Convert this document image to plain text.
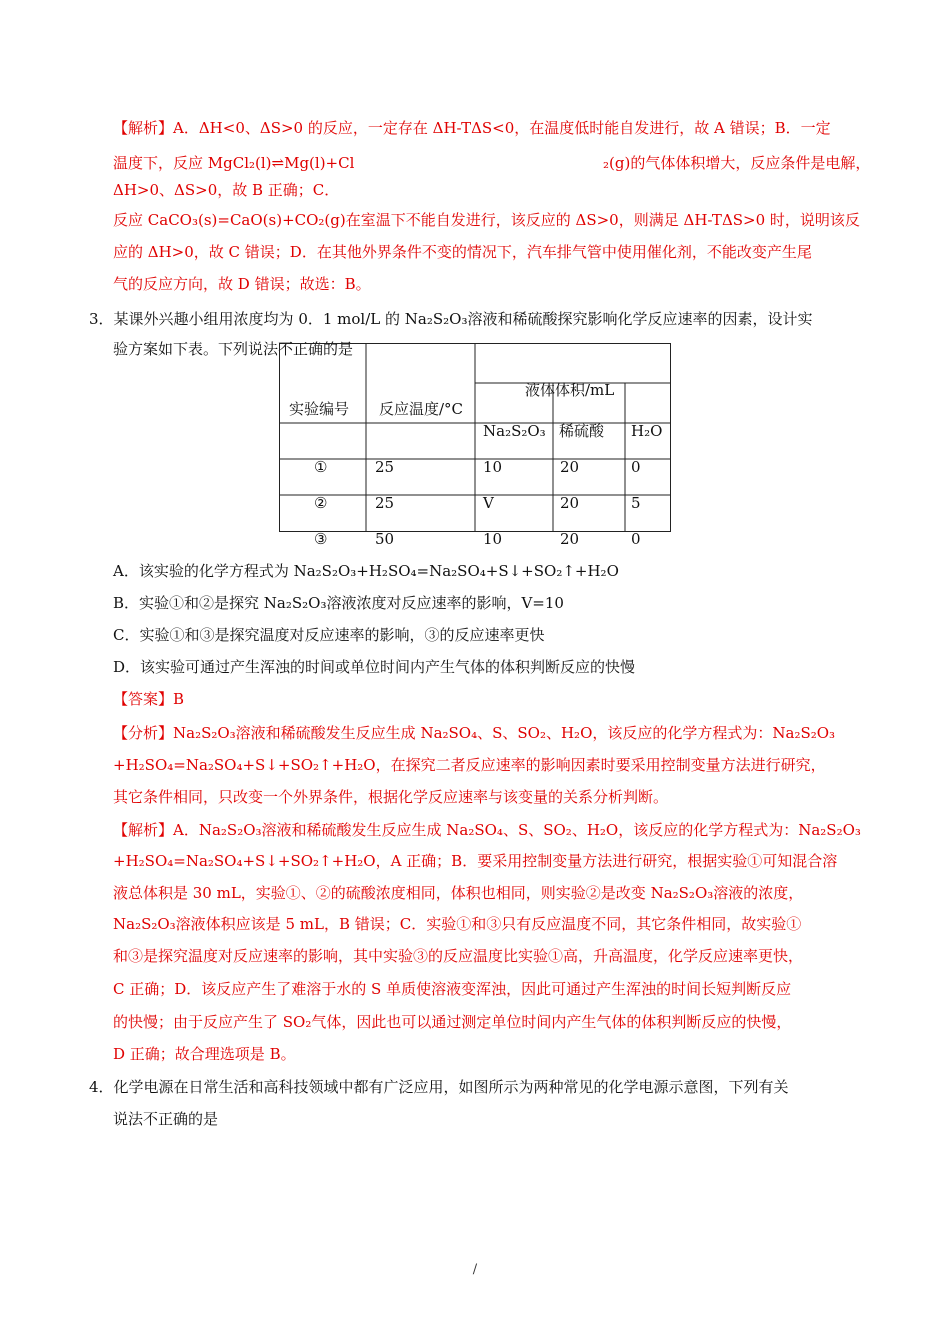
【解析】A．ΔH<0、ΔS>0 的反应，一定存在 ΔH-TΔS<0，在温度低时能自发进行，故 A 错误；B．一定
温度下，反应 MgCl₂(l)⇌Mg(l)+Cl	₂(g)的气体体积增大，反应条件是电解，
ΔH>0、ΔS>0，故 B 正确；C．
反应 CaCO₃(s)=CaO(s)+CO₂(g)在室温下不能自发进行，该反应的 ΔS>0，则满足 ΔH-TΔS>0 时，说明该反
应的 ΔH>0，故 C 错误；D．在其他外界条件不变的情况下，汽车排气管中使用催化剂，不能改变产生尾
气的反应方向，故 D 错误；故选：B。
3．某课外兴趣小组用浓度均为 0．1 mol/L 的 Na₂S₂O₃溶液和稀硫酸探究影响化学反应速率的因素，设计实
验方案如下表。下列说法不正确的是
实验编号 反应温度/°C
液体体积/mL
Na₂S₂O₃ 稀硫酸 H₂O
①	25	10	20	0
②	25	V	20	5
③	50	10	20	0
A．该实验的化学方程式为 Na₂S₂O₃+H₂SO₄=Na₂SO₄+S↓+SO₂↑+H₂O
B．实验①和②是探究 Na₂S₂O₃溶液浓度对反应速率的影响，V=10
C．实验①和③是探究温度对反应速率的影响，③的反应速率更快
D．该实验可通过产生浑浊的时间或单位时间内产生气体的体积判断反应的快慢
【答案】B
【分析】Na₂S₂O₃溶液和稀硫酸发生反应生成 Na₂SO₄、S、SO₂、H₂O，该反应的化学方程式为：Na₂S₂O₃
+H₂SO₄=Na₂SO₄+S↓+SO₂↑+H₂O，在探究二者反应速率的影响因素时要采用控制变量方法进行研究，
其它条件相同，只改变一个外界条件，根据化学反应速率与该变量的关系分析判断。
【解析】A．Na₂S₂O₃溶液和稀硫酸发生反应生成 Na₂SO₄、S、SO₂、H₂O，该反应的化学方程式为：Na₂S₂O₃
+H₂SO₄=Na₂SO₄+S↓+SO₂↑+H₂O，A 正确；B．要采用控制变量方法进行研究，根据实验①可知混合溶
液总体积是 30 mL，实验①、②的硫酸浓度相同，体积也相同，则实验②是改变 Na₂S₂O₃溶液的浓度，
Na₂S₂O₃溶液体积应该是 5 mL，B 错误；C．实验①和③只有反应温度不同，其它条件相同，故实验①
和③是探究温度对反应速率的影响，其中实验③的反应温度比实验①高，升高温度，化学反应速率更快，
C 正确；D．该反应产生了难溶于水的 S 单质使溶液变浑浊，因此可通过产生浑浊的时间长短判断反应
的快慢；由于反应产生了 SO₂气体，因此也可以通过测定单位时间内产生气体的体积判断反应的快慢，
D 正确；故合理选项是 B。
4．化学电源在日常生活和高科技领域中都有广泛应用，如图所示为两种常见的化学电源示意图，下列有关
说法不正确的是
/
